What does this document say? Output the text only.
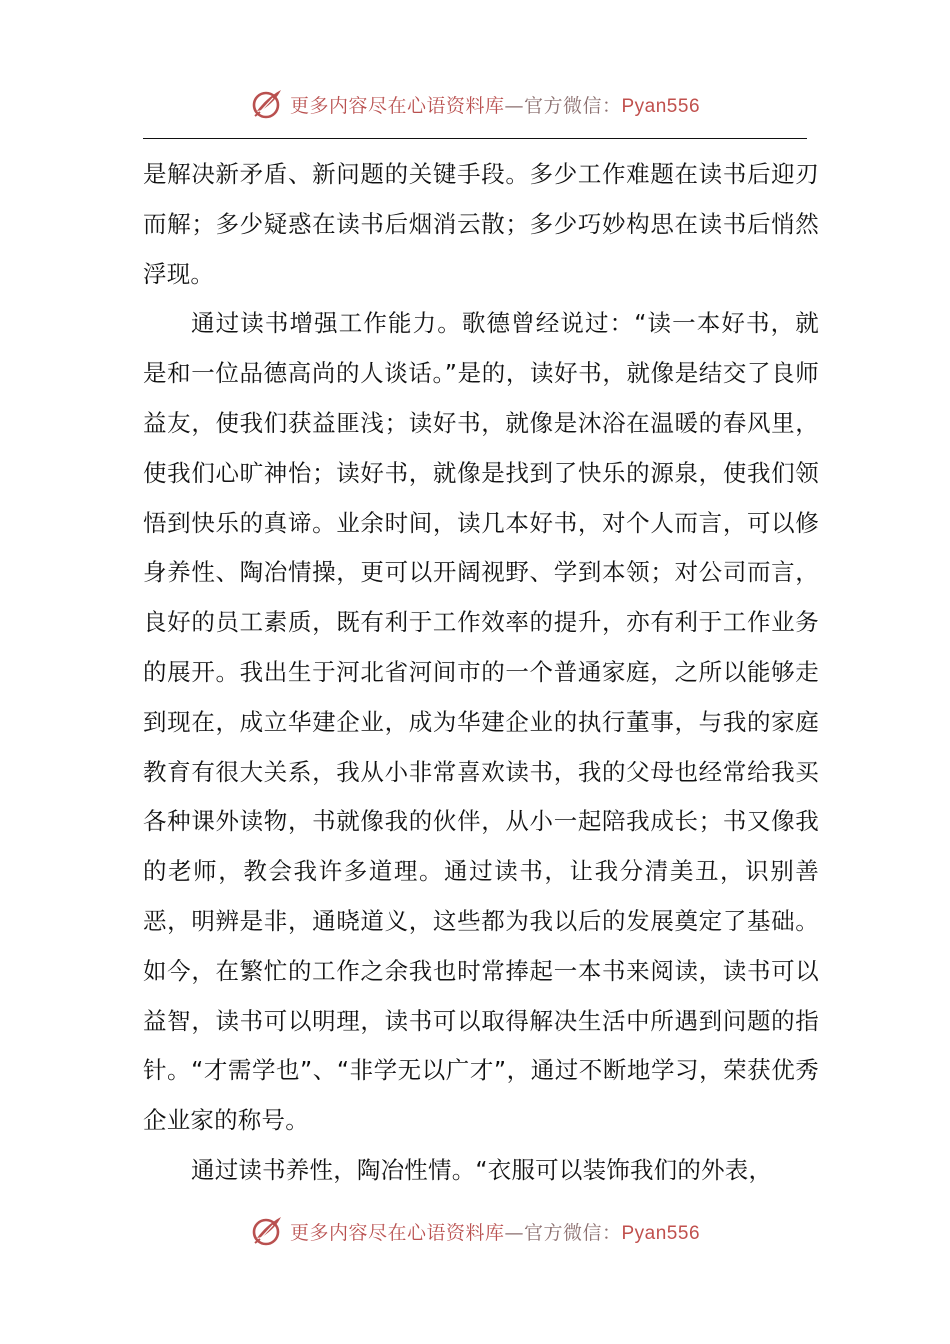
更多内容尽在心语资料库—官方微信：Pyan556

是解决新矛盾、新问题的关键手段。多少工作难题在读书后迎刃而解；多少疑惑在读书后烟消云散；多少巧妙构思在读书后悄然浮现。

通过读书增强工作能力。歌德曾经说过：“读一本好书，就是和一位品德高尚的人谈话。”是的，读好书，就像是结交了良师益友，使我们获益匪浅；读好书，就像是沐浴在温暖的春风里，使我们心旷神怡；读好书，就像是找到了快乐的源泉，使我们领悟到快乐的真谛。业余时间，读几本好书，对个人而言，可以修身养性、陶冶情操，更可以开阔视野、学到本领；对公司而言，良好的员工素质，既有利于工作效率的提升，亦有利于工作业务的展开。我出生于河北省河间市的一个普通家庭，之所以能够走到现在，成立华建企业，成为华建企业的执行董事，与我的家庭教育有很大关系，我从小非常喜欢读书，我的父母也经常给我买各种课外读物，书就像我的伙伴，从小一起陪我成长；书又像我的老师，教会我许多道理。通过读书，让我分清美丑，识别善恶，明辨是非，通晓道义，这些都为我以后的发展奠定了基础。如今，在繁忙的工作之余我也时常捧起一本书来阅读，读书可以益智，读书可以明理，读书可以取得解决生活中所遇到问题的指针。“才需学也”、“非学无以广才”，通过不断地学习，荣获优秀企业家的称号。

通过读书养性，陶冶性情。“衣服可以装饰我们的外表，

更多内容尽在心语资料库—官方微信：Pyan556
